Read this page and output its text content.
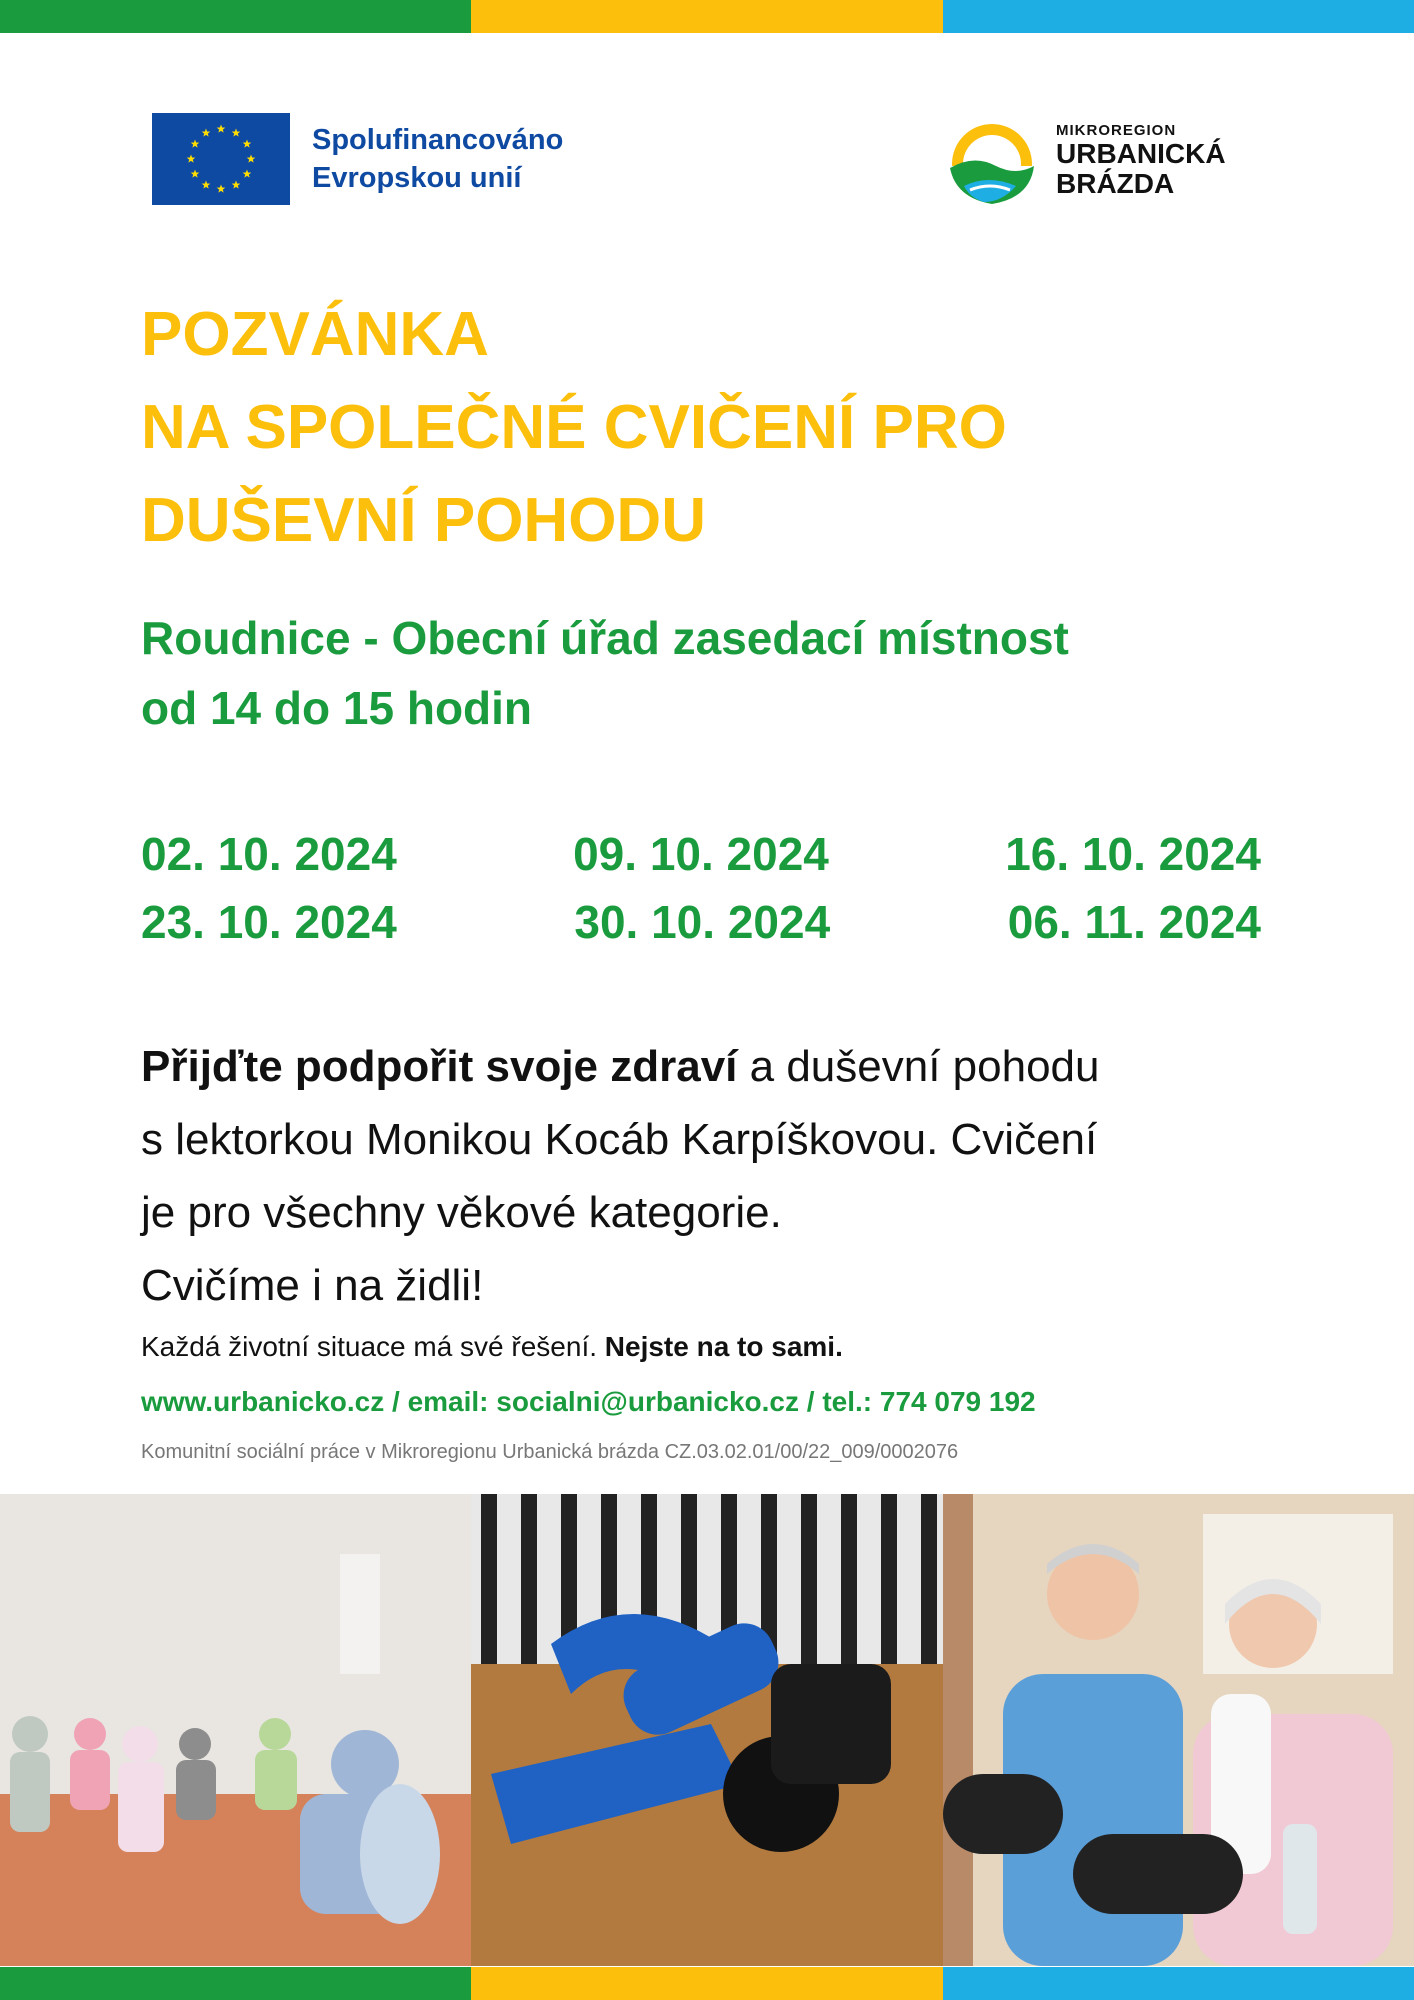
Spolufinancováno
Evropskou unií
MIKROREGION
URBANICKÁ
BRÁZDA
POZVÁNKA
NA SPOLEČNÉ CVIČENÍ PRO
DUŠEVNÍ POHODU
Roudnice - Obecní úřad zasedací místnost
od 14 do 15 hodin
02. 10. 2024	09. 10. 2024	16. 10. 2024
23. 10. 2024	30. 10. 2024	06. 11. 2024
Přijďte podpořit svoje zdraví a duševní pohodu
s lektorkou Monikou Kocáb Karpíškovou. Cvičení
je pro všechny věkové kategorie.
Cvičíme i na židli!
Každá životní situace má své řešení. Nejste na to sami.
www.urbanicko.cz / email: socialni@urbanicko.cz / tel.: 774 079 192
Komunitní sociální práce v Mikroregionu Urbanická brázda CZ.03.02.01/00/22_009/0002076
